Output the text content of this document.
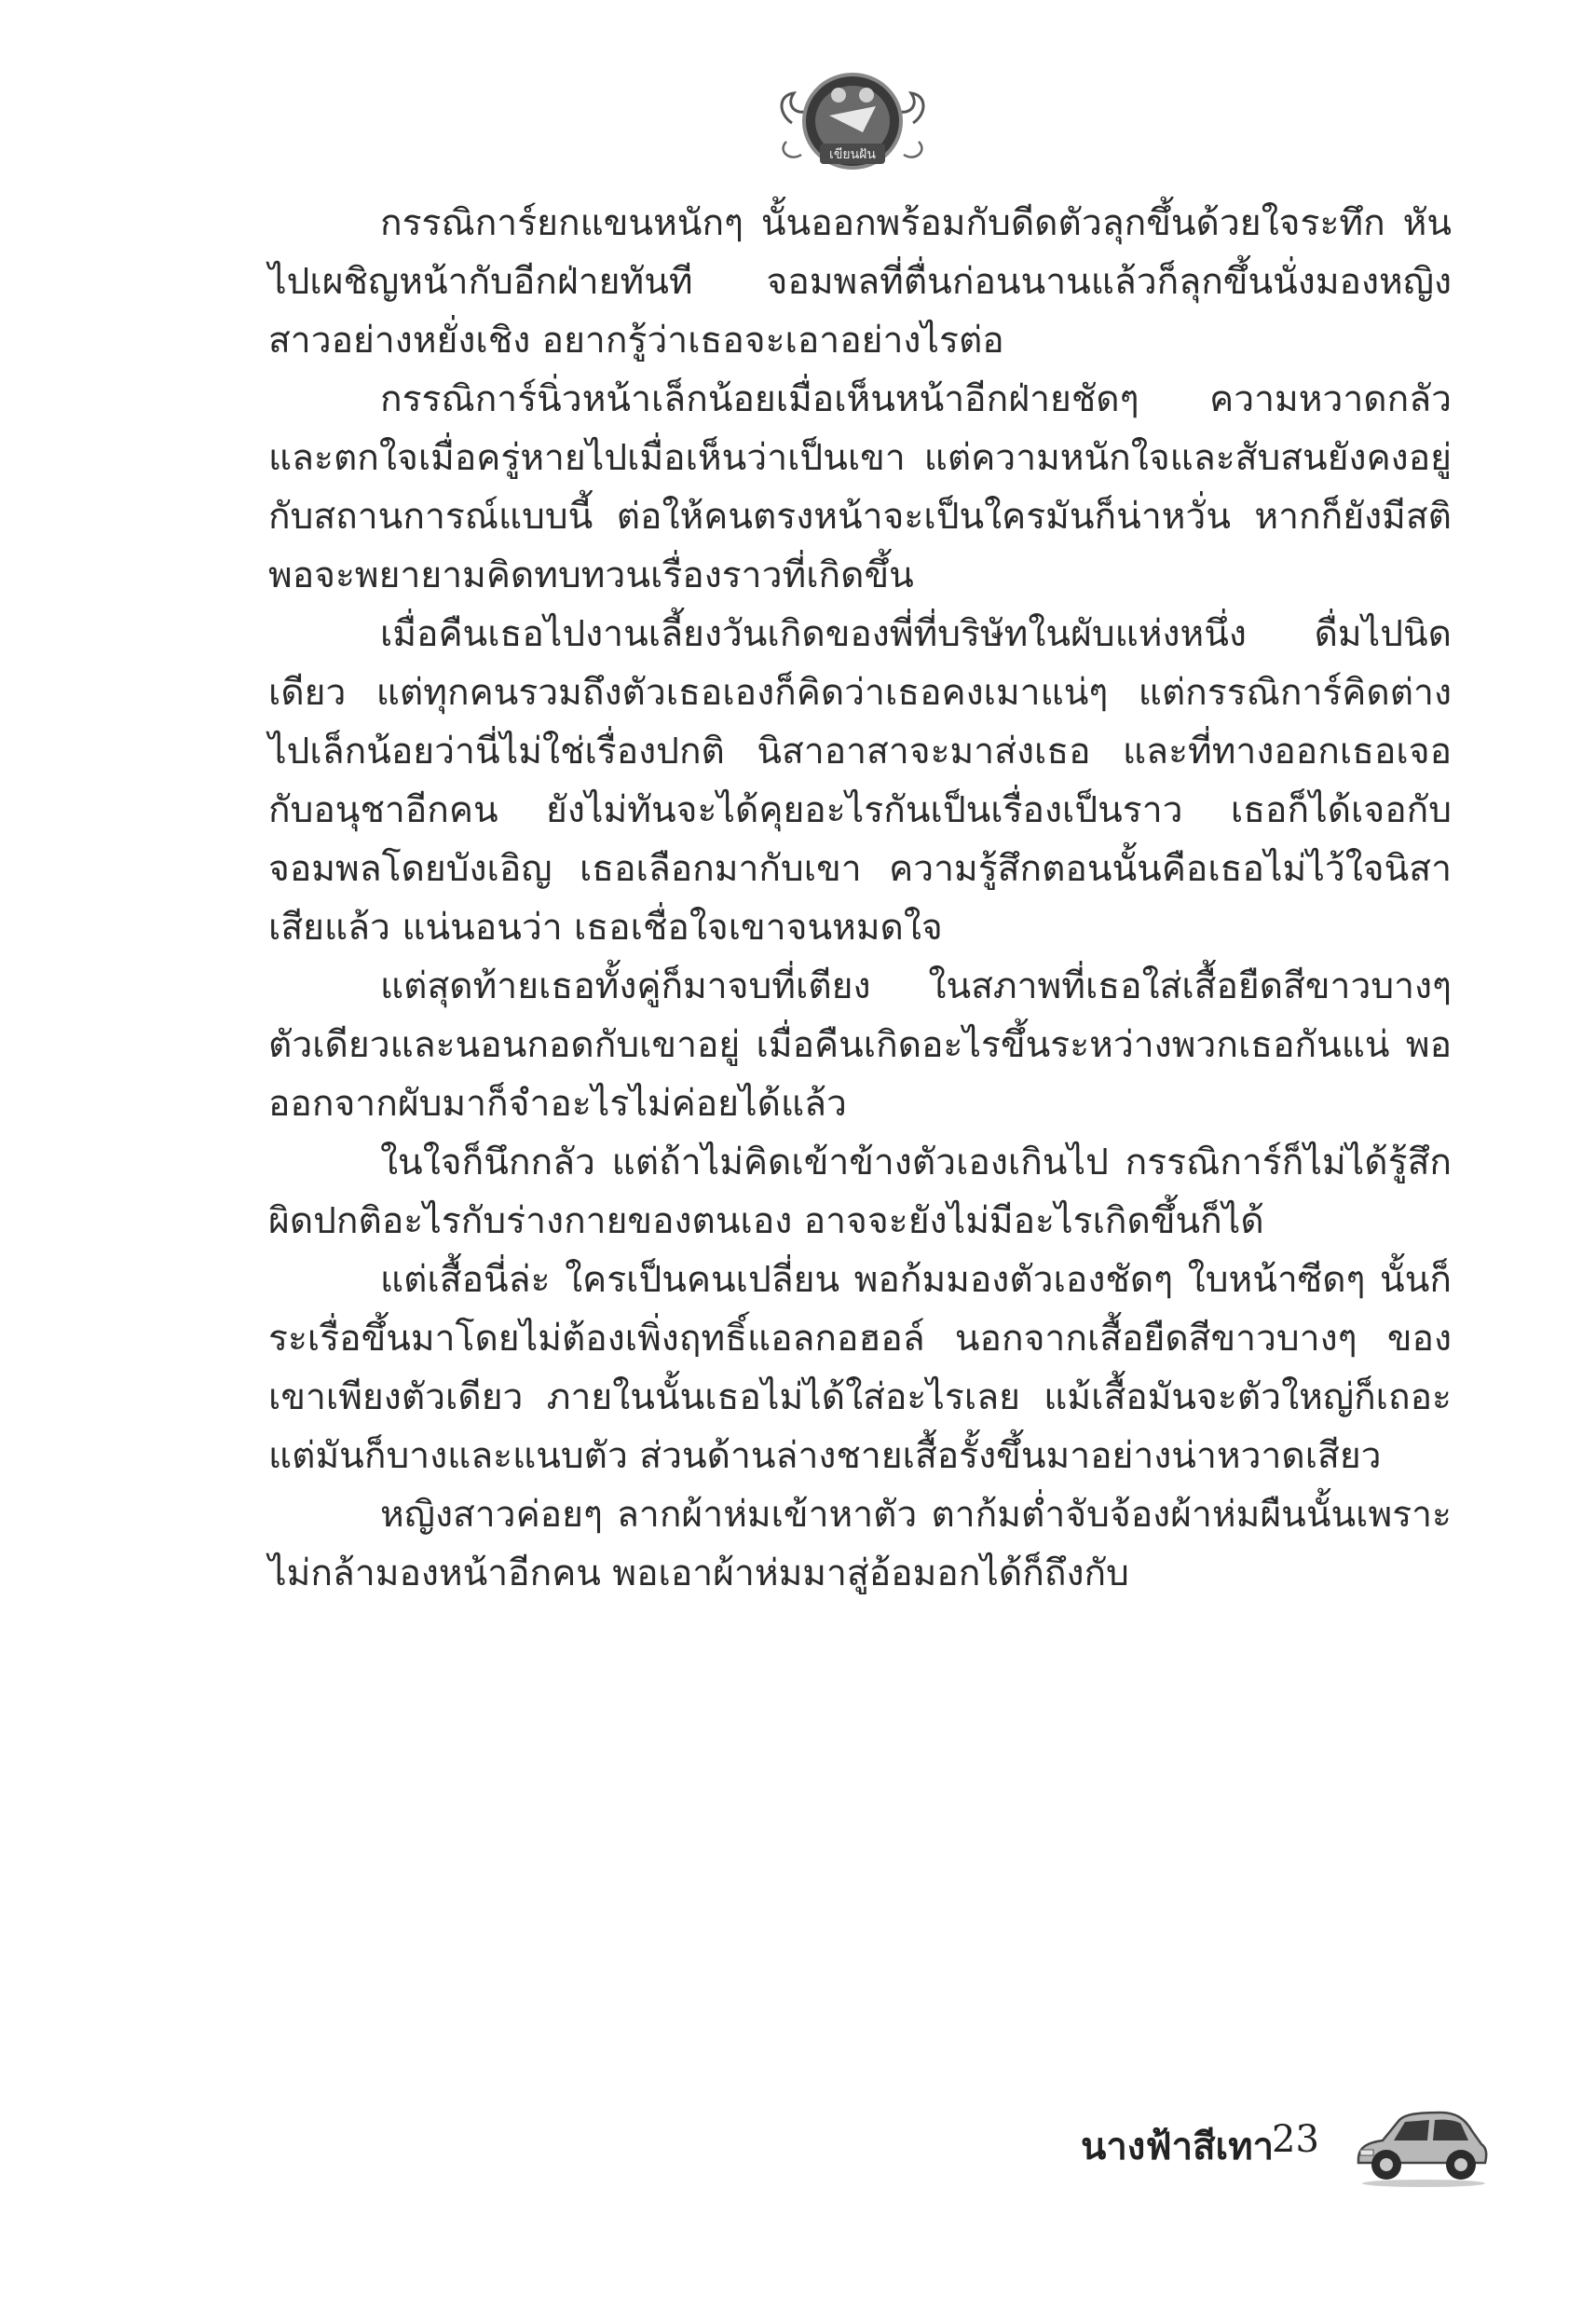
เขียนฝัน

กรรณิการ์ยกแขนหนักๆ นั้นออกพร้อมกับดีดตัวลุกขึ้นด้วยใจระทึก หันไปเผชิญหน้ากับอีกฝ่ายทันที จอมพลที่ตื่นก่อนนานแล้วก็ลุกขึ้นนั่งมองหญิงสาวอย่างหยั่งเชิง อยากรู้ว่าเธอจะเอาอย่างไรต่อ

กรรณิการ์นิ่วหน้าเล็กน้อยเมื่อเห็นหน้าอีกฝ่ายชัดๆ ความหวาดกลัวและตกใจเมื่อครู่หายไปเมื่อเห็นว่าเป็นเขา แต่ความหนักใจและสับสนยังคงอยู่ กับสถานการณ์แบบนี้ ต่อให้คนตรงหน้าจะเป็นใครมันก็น่าหวั่น หากก็ยังมีสติพอจะพยายามคิดทบทวนเรื่องราวที่เกิดขึ้น

เมื่อคืนเธอไปงานเลี้ยงวันเกิดของพี่ที่บริษัทในผับแห่งหนึ่ง ดื่มไปนิดเดียว แต่ทุกคนรวมถึงตัวเธอเองก็คิดว่าเธอคงเมาแน่ๆ แต่กรรณิการ์คิดต่างไปเล็กน้อยว่านี่ไม่ใช่เรื่องปกติ นิสาอาสาจะมาส่งเธอ และที่ทางออกเธอเจอกับอนุชาอีกคน ยังไม่ทันจะได้คุยอะไรกันเป็นเรื่องเป็นราว เธอก็ได้เจอกับจอมพลโดยบังเอิญ เธอเลือกมากับเขา ความรู้สึกตอนนั้นคือเธอไม่ไว้ใจนิสาเสียแล้ว แน่นอนว่า เธอเชื่อใจเขาจนหมดใจ

แต่สุดท้ายเธอทั้งคู่ก็มาจบที่เตียง ในสภาพที่เธอใส่เสื้อยืดสีขาวบางๆ ตัวเดียวและนอนกอดกับเขาอยู่ เมื่อคืนเกิดอะไรขึ้นระหว่างพวกเธอกันแน่ พอออกจากผับมาก็จำอะไรไม่ค่อยได้แล้ว

ในใจก็นึกกลัว แต่ถ้าไม่คิดเข้าข้างตัวเองเกินไป กรรณิการ์ก็ไม่ได้รู้สึกผิดปกติอะไรกับร่างกายของตนเอง อาจจะยังไม่มีอะไรเกิดขึ้นก็ได้

แต่เสื้อนี่ล่ะ ใครเป็นคนเปลี่ยน พอก้มมองตัวเองชัดๆ ใบหน้าซีดๆ นั้นก็ระเรื่อขึ้นมาโดยไม่ต้องเพิ่งฤทธิ์แอลกอฮอล์ นอกจากเสื้อยืดสีขาวบางๆ ของเขาเพียงตัวเดียว ภายในนั้นเธอไม่ได้ใส่อะไรเลย แม้เสื้อมันจะตัวใหญ่ก็เถอะ แต่มันก็บางและแนบตัว ส่วนด้านล่างชายเสื้อรั้งขึ้นมาอย่างน่าหวาดเสียว

หญิงสาวค่อยๆ ลากผ้าห่มเข้าหาตัว ตาก้มต่ำจับจ้องผ้าห่มผืนนั้นเพราะไม่กล้ามองหน้าอีกคน พอเอาผ้าห่มมาสู่อ้อมอกได้ก็ถึงกับ

นางฟ้าสีเทา
23
